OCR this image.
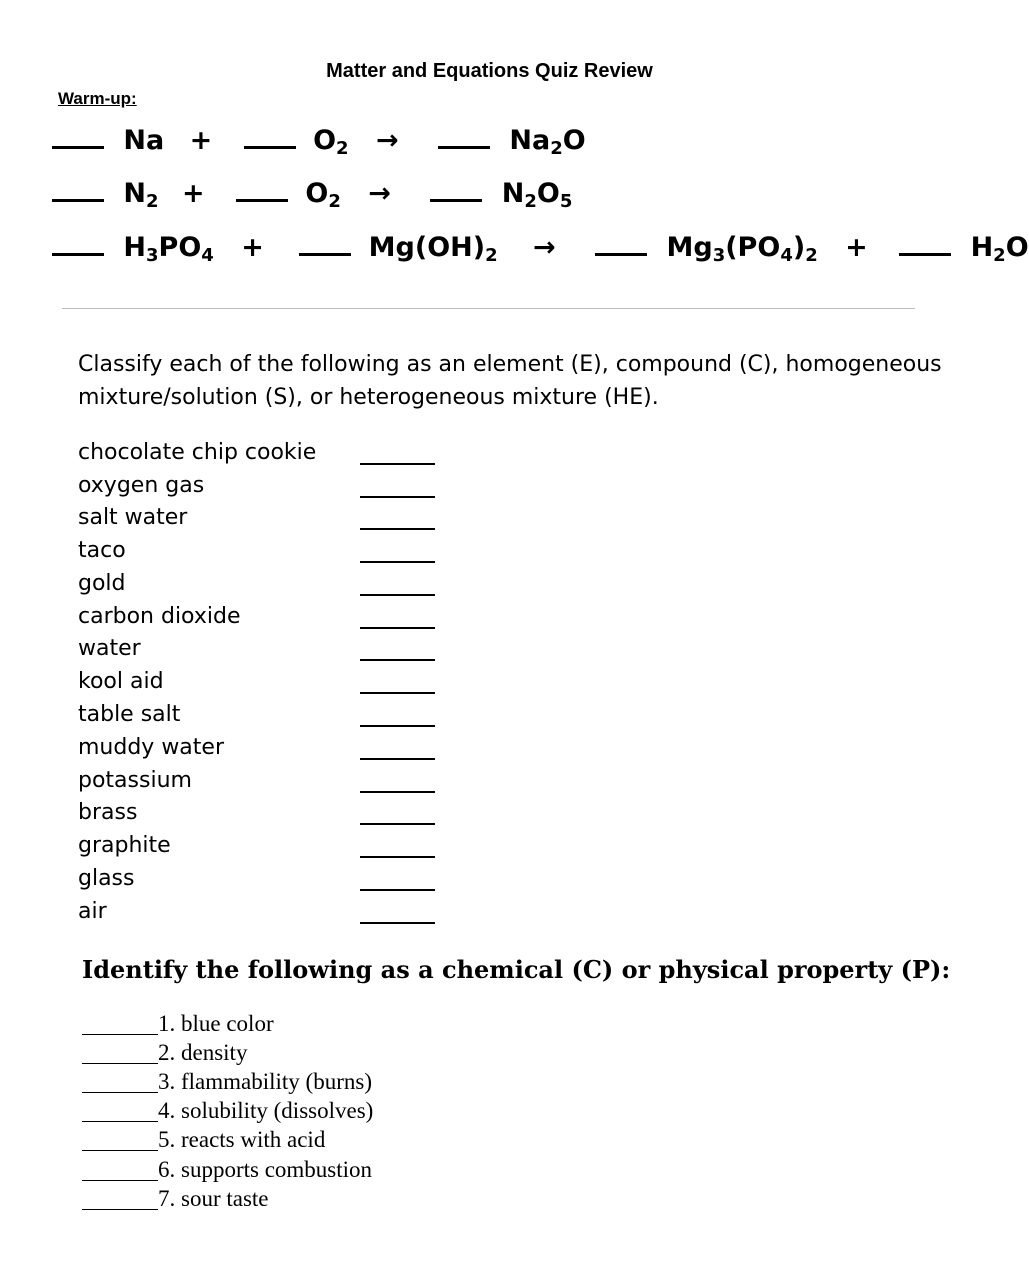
Matter and Equations Quiz Review
Warm-up:
Na +	$O_2$ →	$Na_2O$
$N_2$ +	$O_2$ →	$N_2O_5$
$H_3PO_4$ +	$Mg(OH)_2$ →	$Mg_3(PO_4)_2$ +	$H_2O$
Classify each of the following as an element (E), compound (C), homogeneous mixture/solution (S), or heterogeneous mixture (HE).
chocolate chip cookie
oxygen gas
salt water
taco
gold
carbon dioxide
water
kool aid
table salt
muddy water
potassium
brass
graphite
glass
air
Identify the following as a chemical (C) or physical property (P):
1. blue color
2. density
3. flammability (burns)
4. solubility (dissolves)
5. reacts with acid
6. supports combustion
7. sour taste
